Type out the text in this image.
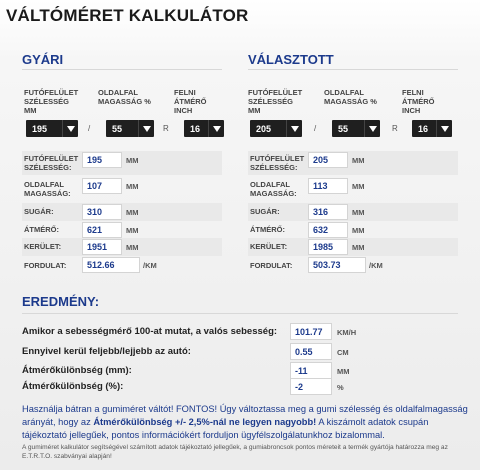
VÁLTÓMÉRET KALKULÁTOR
GYÁRI
FUTÓFELÜLET SZÉLESSÉG MM
OLDALFAL MAGASSÁG %
FELNI ÁTMÉRŐ INCH
195	/ 55	R 16
FUTÓFELÜLET SZÉLESSÉG:
195	MM
OLDALFAL MAGASSÁG:
107	MM
SUGÁR:	310	MM
ÁTMÉRŐ:	621	MM
KERÜLET:	1951	MM
FORDULAT:	512.66	/KM
VÁLASZTOTT
FUTÓFELÜLET SZÉLESSÉG MM
OLDALFAL MAGASSÁG %
FELNI ÁTMÉRŐ INCH
205	/ 55	R 16
FUTÓFELÜLET SZÉLESSÉG:
205	MM
OLDALFAL MAGASSÁG:
113	MM
SUGÁR:	316	MM
ÁTMÉRŐ:	632	MM
KERÜLET:	1985	MM
FORDULAT:	503.73	/KM
EREDMÉNY:
Amikor a sebességmérő 100-at mutat, a valós sebesség:	101.77	KM/H
Ennyivel kerül feljebb/lejjebb az autó:	0.55	CM
Átmérőkülönbség (mm):	-11	MM
Átmérőkülönbség (%):	-2	%
Használja bátran a gumiméret váltót! FONTOS! Úgy változtassa meg a gumi szélesség és oldalfalmagasság arányát, hogy az Átmérőkülönbség +/- 2,5%-nál ne legyen nagyobb! A kiszámolt adatok csupán tájékoztató jellegűek, pontos információkért forduljon ügyfélszolgálatunkhoz bizalommal.
A gumiméret kalkulátor segítségével számított adatok tájékoztató jellegűek, a gumiabroncsok pontos méreteit a termék gyártója határozza meg az E.T.R.T.O. szabványai alapján!
